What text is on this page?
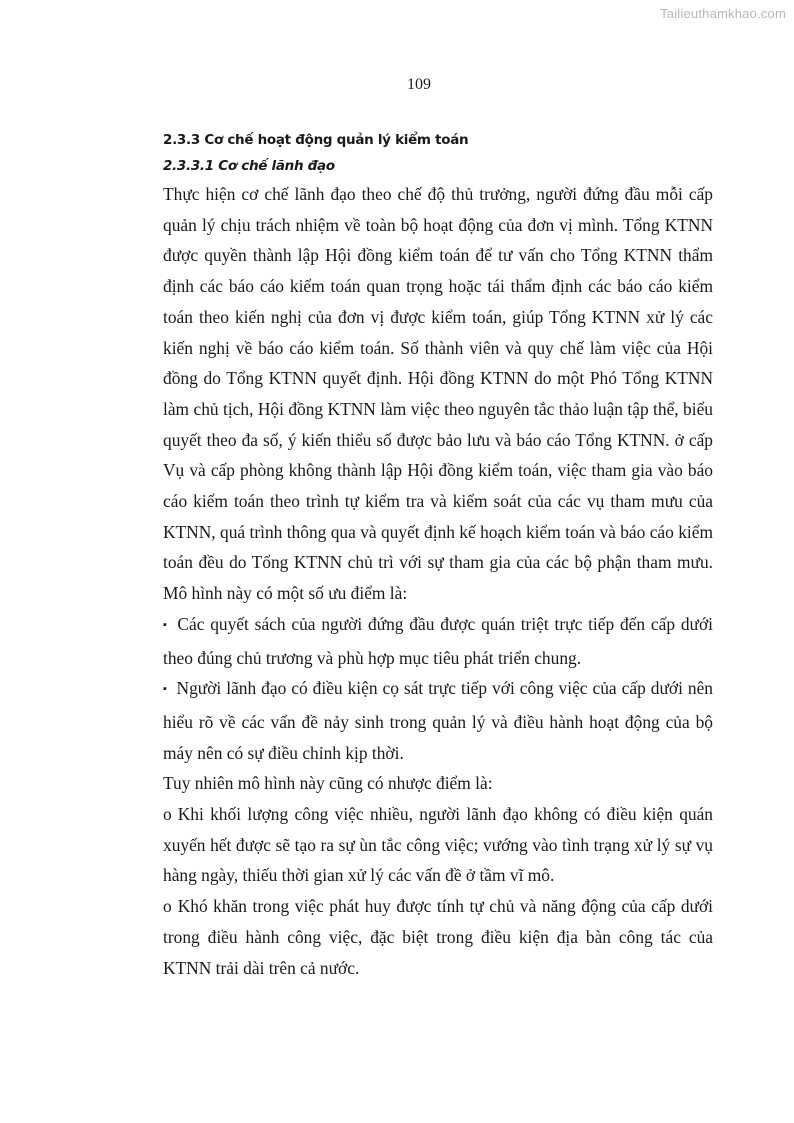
Tailieuthamkhao.com
109
2.3.3 Cơ chế hoạt động quản lý kiểm toán
2.3.3.1 Cơ chế lãnh đạo

Thực hiện cơ chế lãnh đạo theo chế độ thủ trưởng, người đứng đầu mỗi cấp quản lý chịu trách nhiệm về toàn bộ hoạt động của đơn vị mình. Tổng KTNN được quyền thành lập Hội đồng kiểm toán để tư vấn cho Tổng KTNN thẩm định các báo cáo kiểm toán quan trọng hoặc tái thẩm định các báo cáo kiểm toán theo kiến nghị của đơn vị được kiểm toán, giúp Tổng KTNN xử lý các kiến nghị về báo cáo kiểm toán. Số thành viên và quy chế làm việc của Hội đồng do Tổng KTNN quyết định. Hội đồng KTNN do một Phó Tổng KTNN làm chủ tịch, Hội đồng KTNN làm việc theo nguyên tắc thảo luận tập thể, biểu quyết theo đa số, ý kiến thiểu số được bảo lưu và báo cáo Tổng KTNN. ở cấp Vụ và cấp phòng không thành lập Hội đồng kiểm toán, việc tham gia vào báo cáo kiểm toán theo trình tự kiểm tra và kiểm soát của các vụ tham mưu của KTNN, quá trình thông qua và quyết định kế hoạch kiểm toán và báo cáo kiểm toán đều do Tổng KTNN chủ trì với sự tham gia của các bộ phận tham mưu. Mô hình này có một số ưu điểm là:

▪ Các quyết sách của người đứng đầu được quán triệt trực tiếp đến cấp dưới theo đúng chủ trương và phù hợp mục tiêu phát triển chung.

▪ Người lãnh đạo có điều kiện cọ sát trực tiếp với công việc của cấp dưới nên hiểu rõ về các vấn đề nảy sinh trong quản lý và điều hành hoạt động của bộ máy nên có sự điều chỉnh kịp thời.

Tuy nhiên mô hình này cũng có nhược điểm là:

o Khi khối lượng công việc nhiều, người lãnh đạo không có điều kiện quán xuyến hết được sẽ tạo ra sự ùn tắc công việc; vướng vào tình trạng xử lý sự vụ hàng ngày, thiếu thời gian xử lý các vấn đề ở tầm vĩ mô.

o Khó khăn trong việc phát huy được tính tự chủ và năng động của cấp dưới trong điều hành công việc, đặc biệt trong điều kiện địa bàn công tác của KTNN trải dài trên cả nước.
